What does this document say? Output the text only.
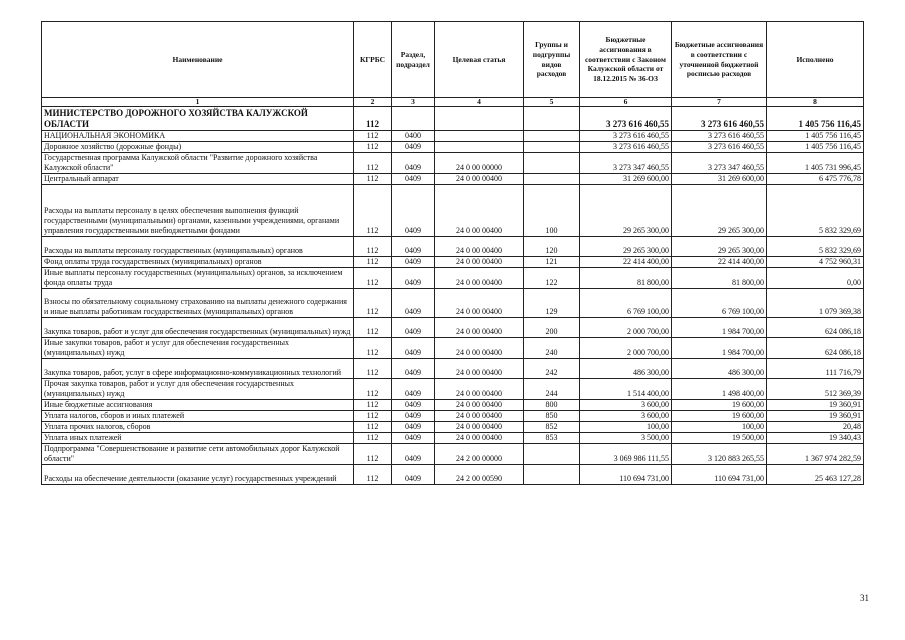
Наименование	КГРБС	Раздел, подраздел	Целевая статья	Группы и подгруппы видов расходов	Бюджетные ассигнования в соответствии с Законом Калужской области от 18.12.2015 № 36-ОЗ	Бюджетные ассигнования в соответствии с уточненной бюджетной росписью расходов	Исполнено
1	2	3	4	5	6	7	8
МИНИСТЕРСТВО ДОРОЖНОГО ХОЗЯЙСТВА КАЛУЖСКОЙ ОБЛАСТИ	112				3 273 616 460,55	3 273 616 460,55	1 405 756 116,45
НАЦИОНАЛЬНАЯ ЭКОНОМИКА	112	0400			3 273 616 460,55	3 273 616 460,55	1 405 756 116,45
Дорожное хозяйство (дорожные фонды)	112	0409			3 273 616 460,55	3 273 616 460,55	1 405 756 116,45
Государственная программа Калужской области "Развитие дорожного хозяйства Калужской области"	112	0409	24 0 00 00000		3 273 347 460,55	3 273 347 460,55	1 405 731 996,45
Центральный аппарат	112	0409	24 0 00 00400		31 269 600,00	31 269 600,00	6 475 776,78
Расходы на выплаты персоналу в целях обеспечения выполнения функций государственными (муниципальными) органами, казенными учреждениями, органами управления государственными внебюджетными фондами	112	0409	24 0 00 00400	100	29 265 300,00	29 265 300,00	5 832 329,69
Расходы на выплаты персоналу государственных (муниципальных) органов	112	0409	24 0 00 00400	120	29 265 300,00	29 265 300,00	5 832 329,69
Фонд оплаты труда государственных (муниципальных) органов	112	0409	24 0 00 00400	121	22 414 400,00	22 414 400,00	4 752 960,31
Иные выплаты персоналу государственных (муниципальных) органов, за исключением фонда оплаты труда	112	0409	24 0 00 00400	122	81 800,00	81 800,00	0,00
Взносы по обязательному социальному страхованию на выплаты денежного содержания и иные выплаты работникам государственных (муниципальных) органов	112	0409	24 0 00 00400	129	6 769 100,00	6 769 100,00	1 079 369,38
Закупка товаров, работ и услуг для обеспечения государственных (муниципальных) нужд	112	0409	24 0 00 00400	200	2 000 700,00	1 984 700,00	624 086,18
Иные закупки товаров, работ и услуг для обеспечения государственных (муниципальных) нужд	112	0409	24 0 00 00400	240	2 000 700,00	1 984 700,00	624 086,18
Закупка товаров, работ, услуг в сфере информационно-коммуникационных технологий	112	0409	24 0 00 00400	242	486 300,00	486 300,00	111 716,79
Прочая закупка товаров, работ и услуг для обеспечения государственных (муниципальных) нужд	112	0409	24 0 00 00400	244	1 514 400,00	1 498 400,00	512 369,39
Иные бюджетные ассигнования	112	0409	24 0 00 00400	800	3 600,00	19 600,00	19 360,91
Уплата налогов, сборов и иных платежей	112	0409	24 0 00 00400	850	3 600,00	19 600,00	19 360,91
Уплата прочих налогов, сборов	112	0409	24 0 00 00400	852	100,00	100,00	20,48
Уплата иных платежей	112	0409	24 0 00 00400	853	3 500,00	19 500,00	19 340,43
Подпрограмма "Совершенствование и развитие сети автомобильных дорог Калужской области"	112	0409	24 2 00 00000		3 069 986 111,55	3 120 883 265,55	1 367 974 282,59
Расходы на обеспечение деятельности (оказание услуг) государственных учреждений	112	0409	24 2 00 00590		110 694 731,00	110 694 731,00	25 463 127,28
31
